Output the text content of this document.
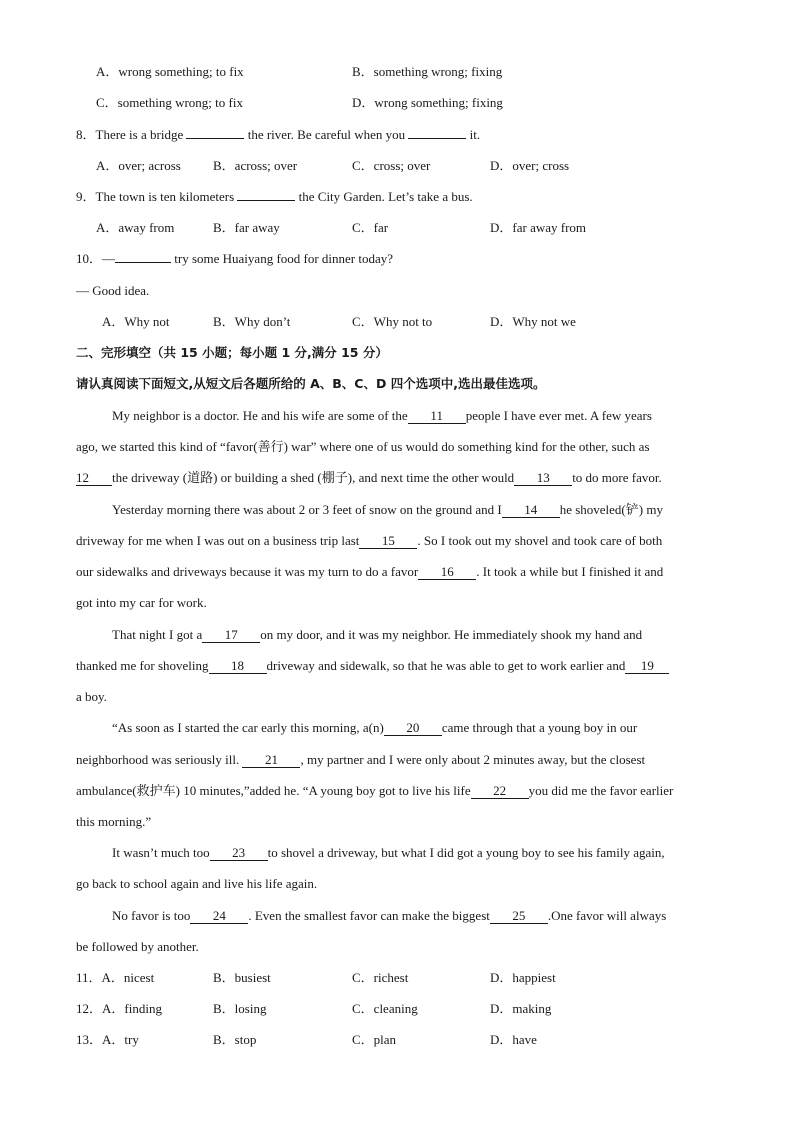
A．wrong something; to fix	B．something wrong; fixing
C．something wrong; to fix	D．wrong something; fixing
8．There is a bridge	the river. Be careful when you	it.
A．over; across B．across; over	C．cross; over	D．over; cross
9．The town is ten kilometers	the City Garden. Let’s take a bus.
A．away from	B．far away	C．far	D．far away from
10．—	try some Huaiyang food for dinner today?
— Good idea.
A．Why not	B．Why don’t	C．Why not to	D．Why not we
二、完形填空（共 15 小题；每小题 1 分,满分 15 分）
请认真阅读下面短文,从短文后各题所给的 A、B、C、D 四个选项中,选出最佳选项。
My neighbor is a doctor. He and his wife are some of the 11 people I have ever met. A few years
ago, we started this kind of “favor(善行) war” where one of us would do something kind for the other, such as
12 the driveway (道路) or building a shed (棚子), and next time the other would 13 to do more favor.
Yesterday morning there was about 2 or 3 feet of snow on the ground and I 14 he shoveled(铲) my
driveway for me when I was out on a business trip last 15 . So I took out my shovel and took care of both
our sidewalks and driveways because it was my turn to do a favor 16 . It took a while but I finished it and
got into my car for work.
That night I got a 17 on my door, and it was my neighbor. He immediately shook my hand and
thanked me for shoveling 18 driveway and sidewalk, so that he was able to get to work earlier and 19
a boy.
“As soon as I started the car early this morning, a(n) 20 came through that a young boy in our
neighborhood was seriously ill. 21 , my partner and I were only about 2 minutes away, but the closest
ambulance(救护车) 10 minutes,”added he. “A young boy got to live his life 22 you did me the favor earlier
this morning.”
It wasn’t much too 23 to shovel a driveway, but what I did got a young boy to see his family again,
go back to school again and live his life again.
No favor is too 24 . Even the smallest favor can make the biggest 25 .One favor will always
be followed by another.
11．A．nicest	B．busiest	C．richest	D．happiest
12．A．finding	B．losing	C．cleaning	D．making
13．A．try	B．stop	C．plan	D．have
